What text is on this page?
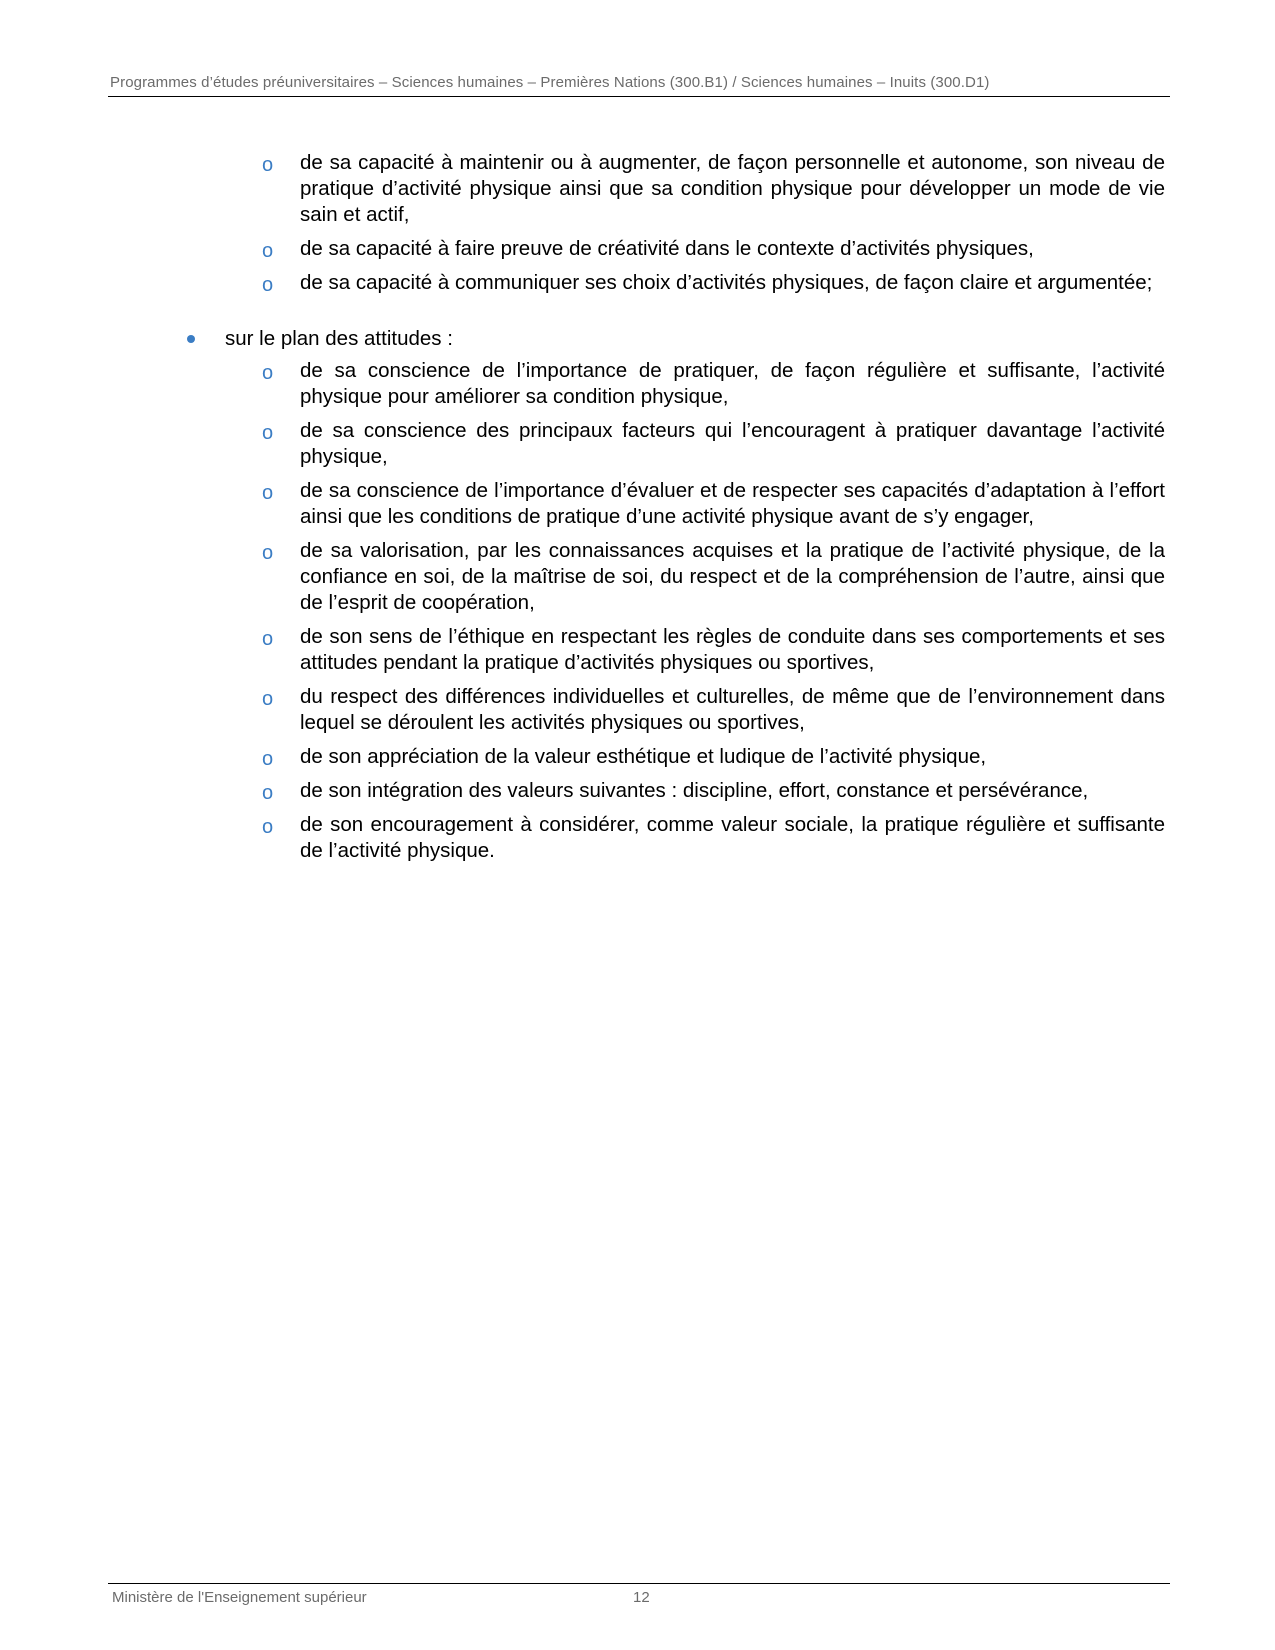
Programmes d’études préuniversitaires – Sciences humaines – Premières Nations (300.B1) / Sciences humaines – Inuits (300.D1)
o de sa capacité à maintenir ou à augmenter, de façon personnelle et autonome, son niveau de pratique d’activité physique ainsi que sa condition physique pour développer un mode de vie sain et actif,
o de sa capacité à faire preuve de créativité dans le contexte d’activités physiques,
o de sa capacité à communiquer ses choix d’activités physiques, de façon claire et argumentée;
sur le plan des attitudes :
o de sa conscience de l’importance de pratiquer, de façon régulière et suffisante, l’activité physique pour améliorer sa condition physique,
o de sa conscience des principaux facteurs qui l’encouragent à pratiquer davantage l’activité physique,
o de sa conscience de l’importance d’évaluer et de respecter ses capacités d’adaptation à l’effort ainsi que les conditions de pratique d’une activité physique avant de s’y engager,
o de sa valorisation, par les connaissances acquises et la pratique de l’activité physique, de la confiance en soi, de la maîtrise de soi, du respect et de la compréhension de l’autre, ainsi que de l’esprit de coopération,
o de son sens de l’éthique en respectant les règles de conduite dans ses comportements et ses attitudes pendant la pratique d’activités physiques ou sportives,
o du respect des différences individuelles et culturelles, de même que de l’environnement dans lequel se déroulent les activités physiques ou sportives,
o de son appréciation de la valeur esthétique et ludique de l’activité physique,
o de son intégration des valeurs suivantes : discipline, effort, constance et persévérance,
o de son encouragement à considérer, comme valeur sociale, la pratique régulière et suffisante de l’activité physique.
Ministère de l'Enseignement supérieur	12
